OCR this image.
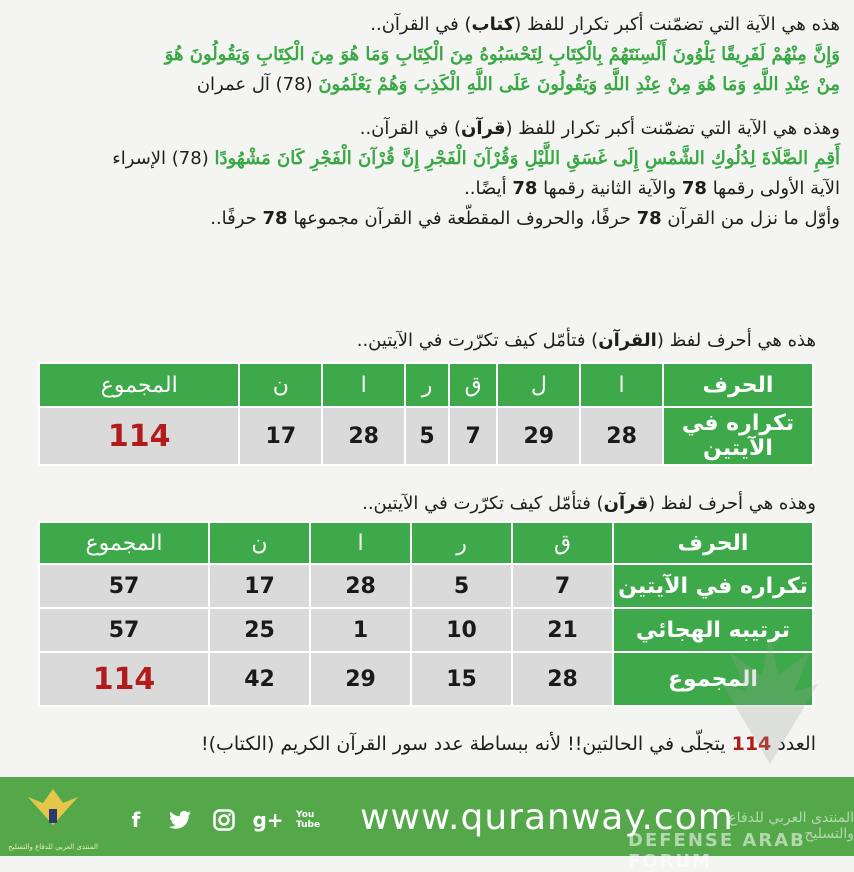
هذه هي الآية التي تضمّنت أكبر تكرار للفظ (كتاب) في القرآن..
وَإِنَّ مِنْهُمْ لَفَرِيقًا يَلْوُونَ أَلْسِنَتَهُمْ بِالْكِتَابِ لِتَحْسَبُوهُ مِنَ الْكِتَابِ وَمَا هُوَ مِنَ الْكِتَابِ وَيَقُولُونَ هُوَ
مِنْ عِنْدِ اللَّهِ وَمَا هُوَ مِنْ عِنْدِ اللَّهِ وَيَقُولُونَ عَلَى اللَّهِ الْكَذِبَ وَهُمْ يَعْلَمُونَ (78) آل عمران
وهذه هي الآية التي تضمّنت أكبر تكرار للفظ (قرآن) في القرآن..
أَقِمِ الصَّلَاةَ لِدُلُوكِ الشَّمْسِ إِلَى غَسَقِ اللَّيْلِ وَقُرْآنَ الْفَجْرِ إِنَّ قُرْآنَ الْفَجْرِ كَانَ مَشْهُودًا (78) الإسراء
الآية الأولى رقمها 78 والآية الثانية رقمها 78 أيضًا..
وأوّل ما نزل من القرآن 78 حرفًا، والحروف المقطّعة في القرآن مجموعها 78 حرفًا..
هذه هي أحرف لفظ (القرآن) فتأمّل كيف تكرّرت في الآيتين..
الحرف	ا	ل	ق	ر	ا	ن	المجموع
تكراره في الآيتين	28	29	7	5	28	17	114
وهذه هي أحرف لفظ (قرآن) فتأمّل كيف تكرّرت في الآيتين..
الحرف	ق	ر	ا	ن	المجموع
تكراره في الآيتين	7	5	28	17	57
ترتيبه الهجائي	21	10	1	25	57
المجموع	28	15	29	42	114
العدد 114 يتجلّى في الحالتين!! لأنه ببساطة عدد سور القرآن الكريم (الكتاب)!
المنتدى العربي للدفاع والتسليح
f	g+ You Tube	www.quranway.com
المنتدى العربي للدفاع والتسليح
DEFENSE ARAB FORUM
